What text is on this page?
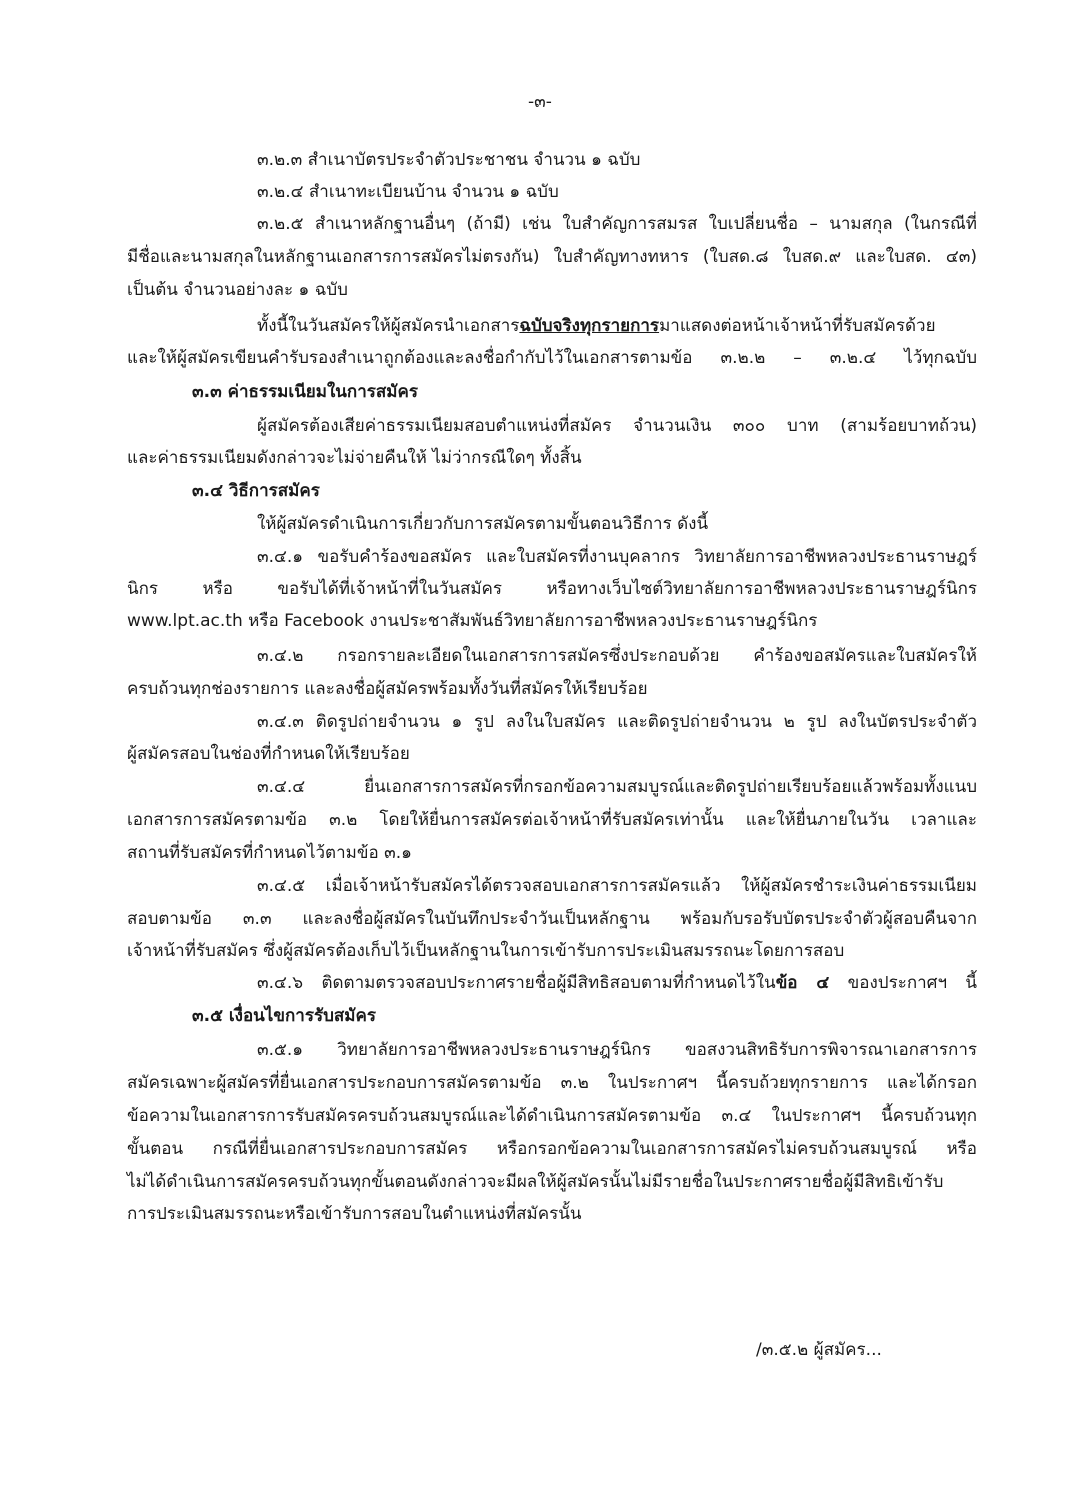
-๓-
๓.๒.๓ สำเนาบัตรประจำตัวประชาชน จำนวน ๑ ฉบับ
๓.๒.๔ สำเนาทะเบียนบ้าน จำนวน ๑ ฉบับ
๓.๒.๕ สำเนาหลักฐานอื่นๆ (ถ้ามี) เช่น ใบสำคัญการสมรส ใบเปลี่ยนชื่อ – นามสกุล (ในกรณีที่
มีชื่อและนามสกุลในหลักฐานเอกสารการสมัครไม่ตรงกัน) ใบสำคัญทางทหาร (ใบสด.๘ ใบสด.๙ และใบสด. ๔๓)
เป็นต้น จำนวนอย่างละ ๑ ฉบับ
ทั้งนี้ในวันสมัครให้ผู้สมัครนำเอกสารฉบับจริงทุกรายการมาแสดงต่อหน้าเจ้าหน้าที่รับสมัครด้วย
และให้ผู้สมัครเขียนคำรับรองสำเนาถูกต้องและลงชื่อกำกับไว้ในเอกสารตามข้อ ๓.๒.๒ – ๓.๒.๔ ไว้ทุกฉบับ
๓.๓ ค่าธรรมเนียมในการสมัคร
ผู้สมัครต้องเสียค่าธรรมเนียมสอบตำแหน่งที่สมัคร จำนวนเงิน ๓๐๐ บาท (สามร้อยบาทถ้วน)
และค่าธรรมเนียมดังกล่าวจะไม่จ่ายคืนให้ ไม่ว่ากรณีใดๆ ทั้งสิ้น
๓.๔ วิธีการสมัคร
ให้ผู้สมัครดำเนินการเกี่ยวกับการสมัครตามขั้นตอนวิธีการ ดังนี้
๓.๔.๑ ขอรับคำร้องขอสมัคร และใบสมัครที่งานบุคลากร วิทยาลัยการอาชีพหลวงประธานราษฎร์
นิกร หรือ ขอรับได้ที่เจ้าหน้าที่ในวันสมัคร หรือทางเว็บไซต์วิทยาลัยการอาชีพหลวงประธานราษฎร์นิกร
www.lpt.ac.th หรือ Facebook งานประชาสัมพันธ์วิทยาลัยการอาชีพหลวงประธานราษฎร์นิกร
๓.๔.๒ กรอกรายละเอียดในเอกสารการสมัครซึ่งประกอบด้วย คำร้องขอสมัครและใบสมัครให้
ครบถ้วนทุกช่องรายการ และลงชื่อผู้สมัครพร้อมทั้งวันที่สมัครให้เรียบร้อย
๓.๔.๓ ติดรูปถ่ายจำนวน ๑ รูป ลงในใบสมัคร และติดรูปถ่ายจำนวน ๒ รูป ลงในบัตรประจำตัว
ผู้สมัครสอบในช่องที่กำหนดให้เรียบร้อย
๓.๔.๔ ยื่นเอกสารการสมัครที่กรอกข้อความสมบูรณ์และติดรูปถ่ายเรียบร้อยแล้วพร้อมทั้งแนบ
เอกสารการสมัครตามข้อ ๓.๒ โดยให้ยื่นการสมัครต่อเจ้าหน้าที่รับสมัครเท่านั้น และให้ยื่นภายในวัน เวลาและ
สถานที่รับสมัครที่กำหนดไว้ตามข้อ ๓.๑
๓.๔.๕ เมื่อเจ้าหน้ารับสมัครได้ตรวจสอบเอกสารการสมัครแล้ว ให้ผู้สมัครชำระเงินค่าธรรมเนียม
สอบตามข้อ ๓.๓ และลงชื่อผู้สมัครในบันทึกประจำวันเป็นหลักฐาน พร้อมกับรอรับบัตรประจำตัวผู้สอบคืนจาก
เจ้าหน้าที่รับสมัคร ซึ่งผู้สมัครต้องเก็บไว้เป็นหลักฐานในการเข้ารับการประเมินสมรรถนะโดยการสอบ
๓.๔.๖ ติดตามตรวจสอบประกาศรายชื่อผู้มีสิทธิสอบตามที่กำหนดไว้ในข้อ ๔ ของประกาศฯ นี้
๓.๕ เงื่อนไขการรับสมัคร
๓.๕.๑ วิทยาลัยการอาชีพหลวงประธานราษฎร์นิกร ขอสงวนสิทธิรับการพิจารณาเอกสารการ
สมัครเฉพาะผู้สมัครที่ยื่นเอกสารประกอบการสมัครตามข้อ ๓.๒ ในประกาศฯ นี้ครบถ้วยทุกรายการ และได้กรอก
ข้อความในเอกสารการรับสมัครครบถ้วนสมบูรณ์และได้ดำเนินการสมัครตามข้อ ๓.๔ ในประกาศฯ นี้ครบถ้วนทุก
ขั้นตอน กรณีที่ยื่นเอกสารประกอบการสมัคร หรือกรอกข้อความในเอกสารการสมัครไม่ครบถ้วนสมบูรณ์ หรือ
ไม่ได้ดำเนินการสมัครครบถ้วนทุกขั้นตอนดังกล่าวจะมีผลให้ผู้สมัครนั้นไม่มีรายชื่อในประกาศรายชื่อผู้มีสิทธิเข้ารับ
การประเมินสมรรถนะหรือเข้ารับการสอบในตำแหน่งที่สมัครนั้น
/๓.๕.๒ ผู้สมัคร...
